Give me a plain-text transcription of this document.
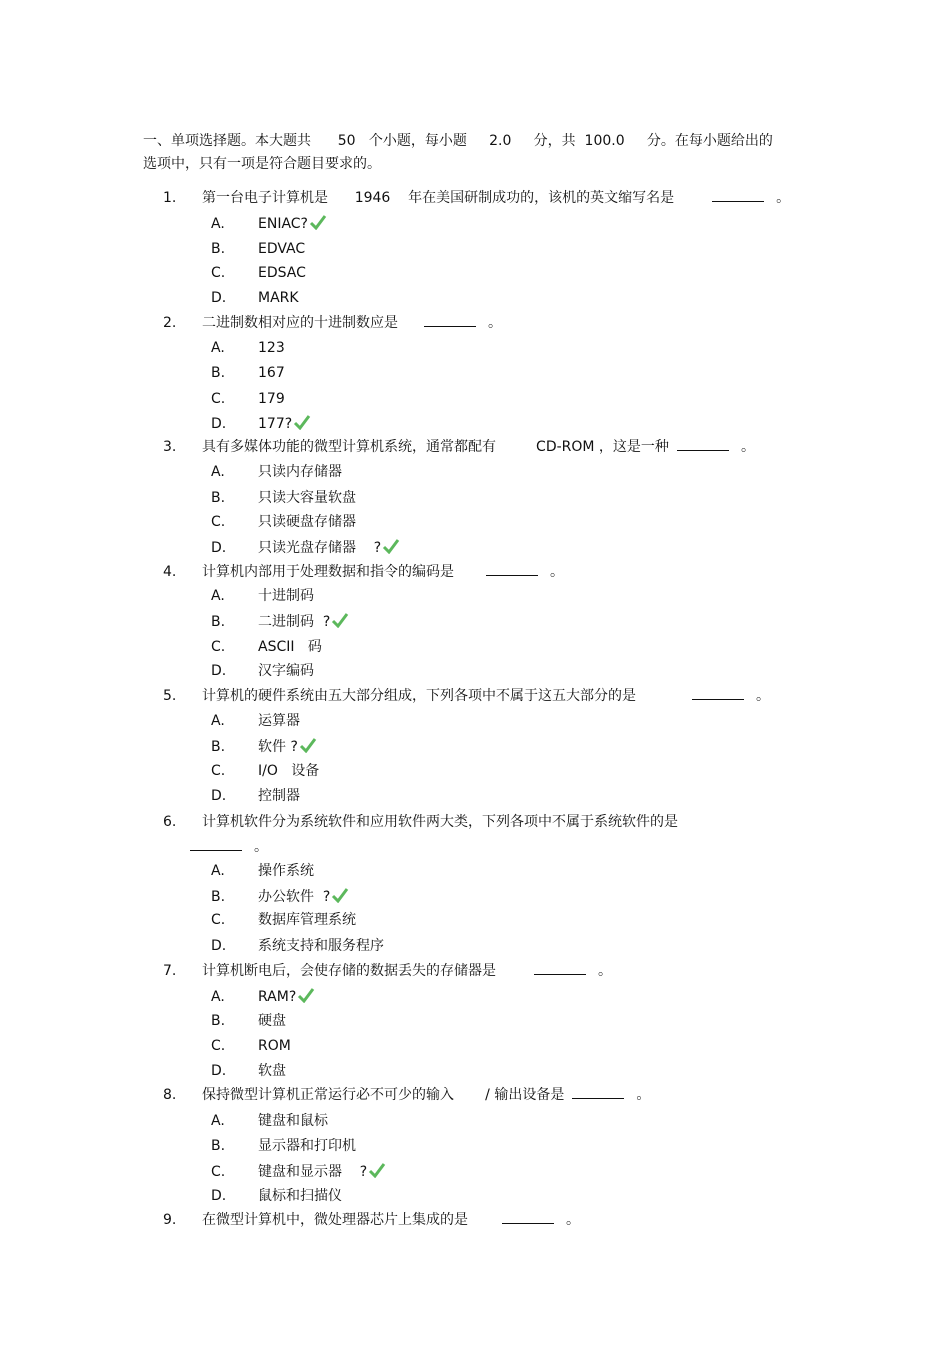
一、单项选择题。本大题共      50   个小题，每小题     2.0     分，共  100.0     分。在每小题给出的
选项中，只有一项是符合题目要求的。
1. 第一台电子计算机是      1946    年在美国研制成功的，该机的英文缩写名是	。
A. ENIAC?
B. EDVAC
C. EDSAC
D. MARK
2. 二进制数相对应的十进制数应是	。
A. 123
B. 167
C. 179
D. 177?
3. 具有多媒体功能的微型计算机系统，通常都配有         CD-ROM ，这是一种	。
A. 只读内存储器
B. 只读大容量软盘
C. 只读硬盘存储器
D. 只读光盘存储器    ?
4. 计算机内部用于处理数据和指令的编码是	。
A. 十进制码
B. 二进制码  ?
C. ASCII   码
D. 汉字编码
5. 计算机的硬件系统由五大部分组成，下列各项中不属于这五大部分的是	。
A. 运算器
B. 软件 ?
C. I/O   设备
D. 控制器
6. 计算机软件分为系统软件和应用软件两大类，下列各项中不属于系统软件的是
。
A. 操作系统
B. 办公软件  ?
C. 数据库管理系统
D. 系统支持和服务程序
7. 计算机断电后，会使存储的数据丢失的存储器是	。
A. RAM?
B. 硬盘
C. ROM
D. 软盘
8. 保持微型计算机正常运行必不可少的输入       / 输出设备是	。
A. 键盘和鼠标
B. 显示器和打印机
C. 键盘和显示器    ?
D. 鼠标和扫描仪
9. 在微型计算机中，微处理器芯片上集成的是	。
